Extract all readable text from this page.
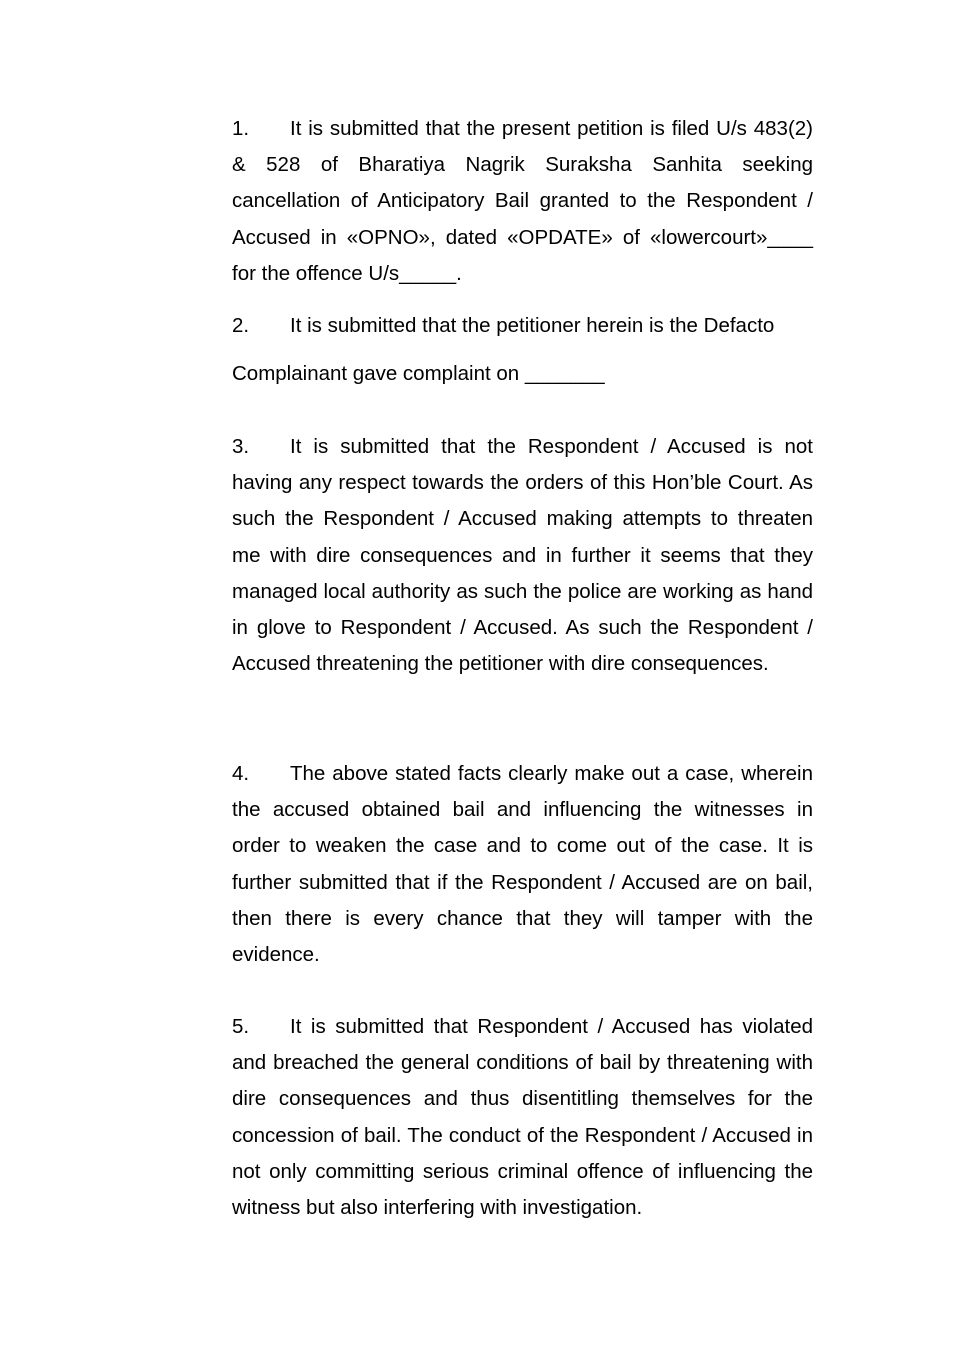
1. It is submitted that the present petition is filed U/s 483(2) & 528 of Bharatiya Nagrik Suraksha Sanhita seeking cancellation of Anticipatory Bail granted to the Respondent / Accused in «OPNO», dated «OPDATE» of «lowercourt»____ for the offence U/s_____.

2. It is submitted that the petitioner herein is the Defacto
Complainant gave complaint on _______

3. It is submitted that the Respondent / Accused is not having any respect towards the orders of this Hon’ble Court. As such the Respondent / Accused making attempts to threaten me with dire consequences and in further it seems that they managed local authority as such the police are working as hand in glove to Respondent / Accused. As such the Respondent / Accused threatening the petitioner with dire consequences.

4. The above stated facts clearly make out a case, wherein the accused obtained bail and influencing the witnesses in order to weaken the case and to come out of the case. It is further submitted that if the Respondent / Accused are on bail, then there is every chance that they will tamper with the evidence.

5. It is submitted that Respondent / Accused has violated and breached the general conditions of bail by threatening with dire consequences and thus disentitling themselves for the concession of bail. The conduct of the Respondent / Accused in not only committing serious criminal offence of influencing the witness but also interfering with investigation.
